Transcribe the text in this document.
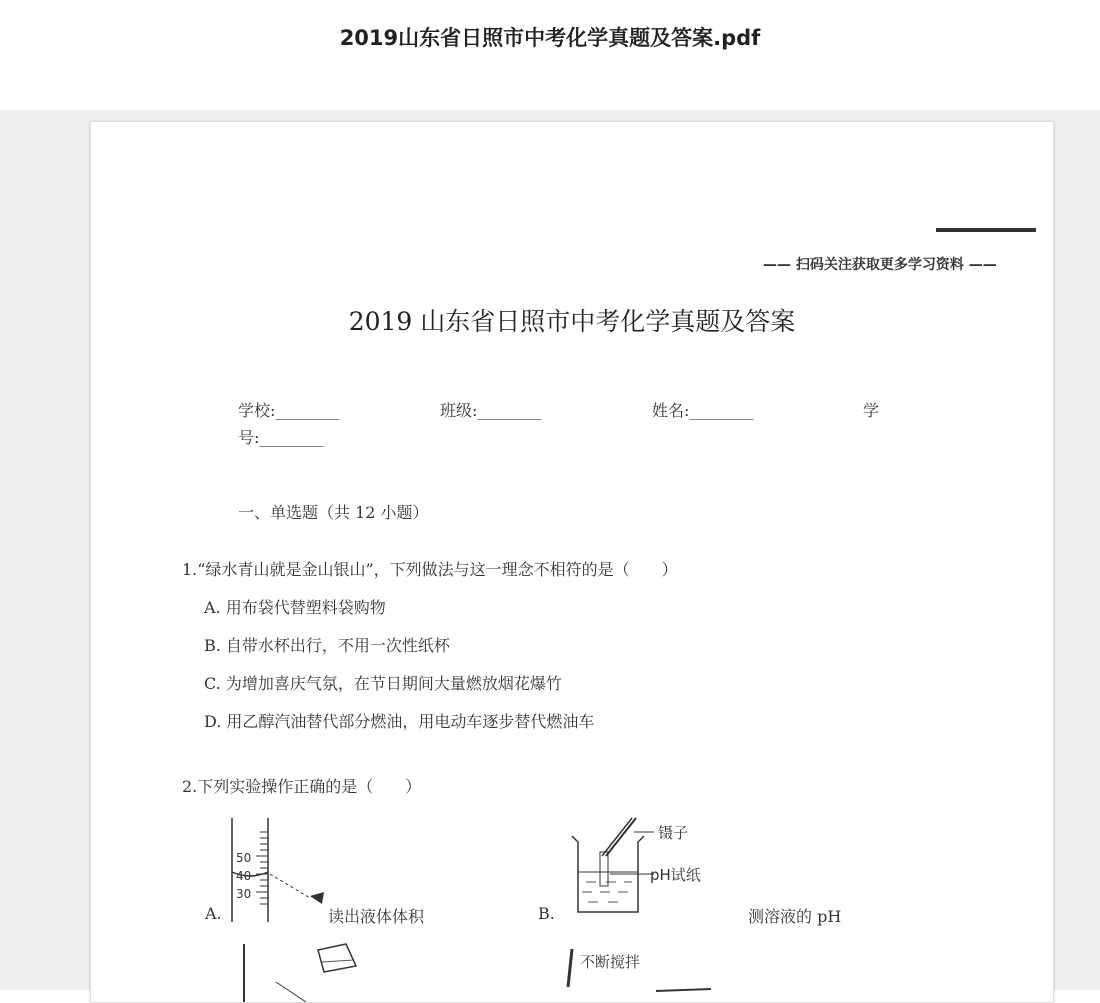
2019山东省日照市中考化学真题及答案.pdf
—— 扫码关注获取更多学习资料 ——
2019 山东省日照市中考化学真题及答案
学校:________	班级:________	姓名:________	学
号:________
一、单选题（共 12 小题）
1.“绿水青山就是金山银山”，下列做法与这一理念不相符的是（　　）
A. 用布袋代替塑料袋购物
B. 自带水杯出行，不用一次性纸杯
C. 为增加喜庆气氛，在节日期间大量燃放烟花爆竹
D. 用乙醇汽油替代部分燃油，用电动车逐步替代燃油车
2.下列实验操作正确的是（　　）
A.	读出液体体积	B.	测溶液的 pH
50
40
30
镊子
pH试纸
不断搅拌
